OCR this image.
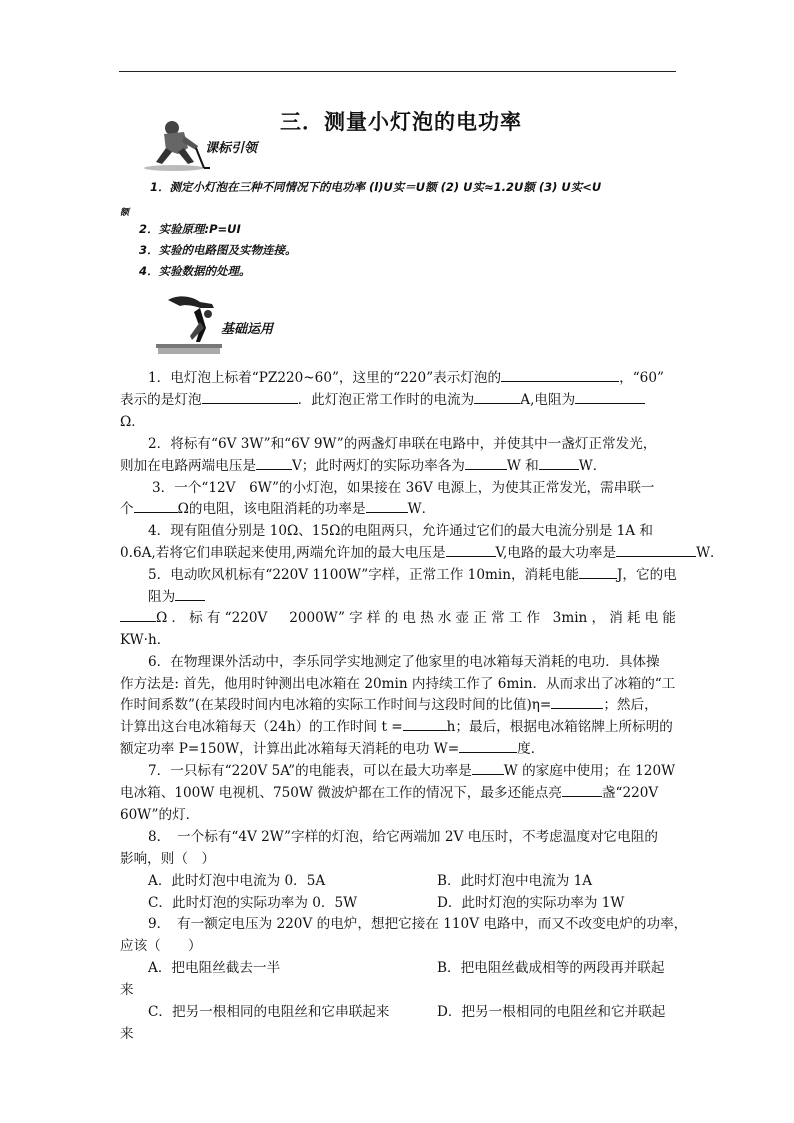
三．测量小灯泡的电功率
课标引领
1．测定小灯泡在三种不同情况下的电功率 (l)U实＝U额 (2) U实≈1.2U额 (3) U实<U
额
2．实验原理:P=UI
3．实验的电路图及实物连接。
4．实验数据的处理。
基础运用
1．电灯泡上标着“PZ220~60”，这里的“220”表示灯泡的	，“60”
表示的是灯泡	．此灯泡正常工作时的电流为	A,电阻为
Ω．
2．将标有“6V 3W”和“6V 9W”的两盏灯串联在电路中，并使其中一盏灯正常发光，
则加在电路两端电压是	V；此时两灯的实际功率各为	W 和	W．
3．一个“12V　6W”的小灯泡，如果接在 36V 电源上，为使其正常发光，需串联一
个	Ω的电阻，该电阻消耗的功率是	W．
4．现有阻值分别是 10Ω、15Ω的电阻两只，允许通过它们的最大电流分别是 1A 和
0.6A,若将它们串联起来使用,两端允许加的最大电压是	V,电路的最大功率是	W．
5．电动吹风机标有“220V 1100W”字样，正常工作 10min，消耗电能	J，它的电
阻为
Ω．标有“220V　2000W”字样的电热水壶正常工作 3min，消耗电能
KW·h．
6．在物理课外活动中，李乐同学实地测定了他家里的电冰箱每天消耗的电功．具体操
作方法是: 首先，他用时钟测出电冰箱在 20min 内持续工作了 6min．从而求出了冰箱的“工
作时间系数”(在某段时间内电冰箱的实际工作时间与这段时间的比值)η=	；然后，
计算出这台电冰箱每天（24h）的工作时间 t =	h；最后，根据电冰箱铭牌上所标明的
额定功率 P=150W，计算出此冰箱每天消耗的电功 W=	度．
7．一只标有“220V 5A”的电能表，可以在最大功率是 W 的家庭中使用；在 120W
电冰箱、100W 电视机、750W 微波炉都在工作的情况下，最多还能点亮	盏“220V
60W”的灯．
8．　一个标有“4V 2W”字样的灯泡，给它两端加 2V 电压时，不考虑温度对它电阻的
影响，则（　）
A．此时灯泡中电流为 0．5A	B．此时灯泡中电流为 1A
C．此时灯泡的实际功率为 0．5W	D．此时灯泡的实际功率为 1W
9．　有一额定电压为 220V 的电炉，想把它接在 110V 电路中，而又不改变电炉的功率，
应该（　　）
A．把电阻丝截去一半	B．把电阻丝截成相等的两段再并联起
来
C．把另一根相同的电阻丝和它串联起来	D．把另一根相同的电阻丝和它并联起
来
